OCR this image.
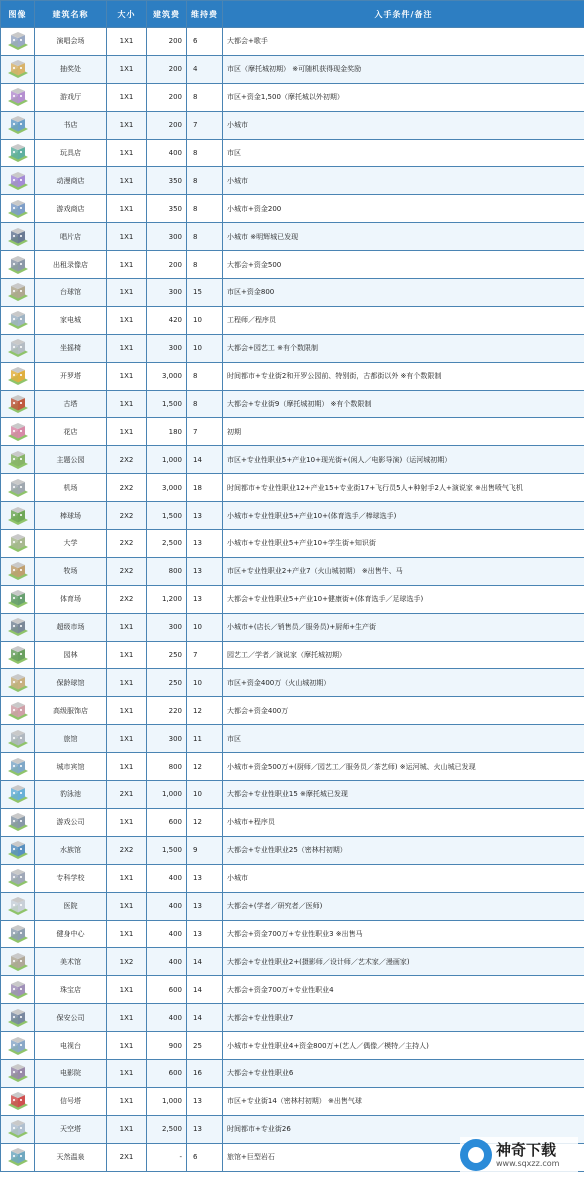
图像	建筑名称	大小	建筑费	维持费	入手条件/备注

	演唱会场	1X1	200	6	大都会+歌手

	抽奖处	1X1	200	4	市区（摩托城初期） ※可随机获得现金奖励

	游戏厅	1X1	200	8	市区+资金1,500（摩托城以外初期）

	书店	1X1	200	7	小城市

	玩具店	1X1	400	8	市区

	动漫商店	1X1	350	8	小城市

	游戏商店	1X1	350	8	小城市+资金200

	唱片店	1X1	300	8	小城市 ※明辉城已发现

	出租录像店	1X1	200	8	大都会+资金500

	台球馆	1X1	300	15	市区+资金800

	家电城	1X1	420	10	工程师／程序员

	坐摇椅	1X1	300	10	大都会+园艺工 ※有个数限制

	开罗塔	1X1	3,000	8	时间都市+专业街2和开罗公园前、特别街，古都街以外 ※有个数限制

	古塔	1X1	1,500	8	大都会+专业街9（摩托城初期） ※有个数限制

	花店	1X1	180	7	初期

	主题公园	2X2	1,000	14	市区+专业性职业5+产业10+现光街+(闲人／电影导演)（运河城初期）

	机场	2X2	3,000	18	时间都市+专业性职业12+产业15+专业街17+飞行员5人+种射手2人+演说家 ※出售喷气飞机

	棒球场	2X2	1,500	13	小城市+专业性职业5+产业10+(体育选手／棒球选手)

	大学	2X2	2,500	13	小城市+专业性职业5+产业10+学生街+知识街

	牧场	2X2	800	13	市区+专业性职业2+产业7（火山城初期） ※出售牛、马

	体育场	2X2	1,200	13	大都会+专业性职业5+产业10+健康街+(体育选手／足球选手)

	超级市场	1X1	300	10	小城市+(店长／销售员／服务员)+厨师+生产街

	园林	1X1	250	7	园艺工／学者／演说家（摩托城初期）

	保龄球馆	1X1	250	10	市区+资金400万（火山城初期）

	高级服饰店	1X1	220	12	大都会+资金400万

	旅馆	1X1	300	11	市区

	城市宾馆	1X1	800	12	小城市+资金500万+(厨师／园艺工／服务员／茶艺师) ※运河城、火山城已发现

	豹泳池	2X1	1,000	10	大都会+专业性职业15 ※摩托城已发现

	游戏公司	1X1	600	12	小城市+程序员

	水族馆	2X2	1,500	9	大都会+专业性职业25（密林村初期）

	专科学校	1X1	400	13	小城市

	医院	1X1	400	13	大都会+(学者／研究者／医师)

	健身中心	1X1	400	13	大都会+资金700万+专业性职业3 ※出售马

	美术馆	1X2	400	14	大都会+专业性职业2+(摄影师／设计师／艺术家／漫画家)

	珠宝店	1X1	600	14	大都会+资金700万+专业性职业4

	保安公司	1X1	400	14	大都会+专业性职业7

	电视台	1X1	900	25	小城市+专业性职业4+资金800万+(艺人／偶像／模特／主持人)

	电影院	1X1	600	16	大都会+专业性职业6

	信号塔	1X1	1,000	13	市区+专业街14（密林村初期） ※出售气球

	天空塔	1X1	2,500	13	时间都市+专业街26

	天然温泉	2X1	-	6	旅馆+巨型岩石	神奇下载
www.sqxzz.com
